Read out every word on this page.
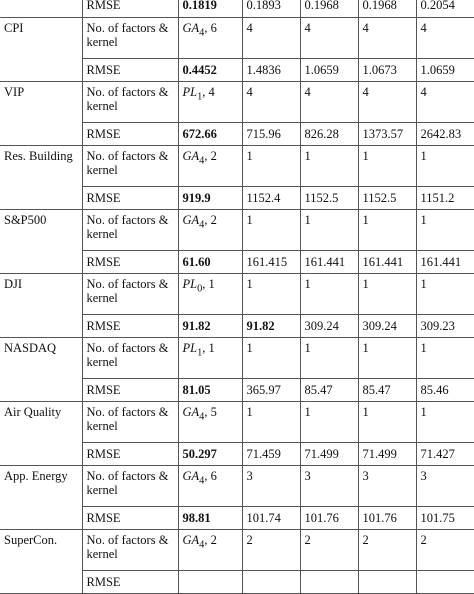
	RMSE	0.1819	0.1893	0.1968	0.1968	0.2054
CPI	No. of factors & kernel	$GA_4$, 6	4	4	4	4
	RMSE	0.4452	1.4836	1.0659	1.0673	1.0659
VIP	No. of factors & kernel	$PL_1$, 4	4	4	4	4
	RMSE	672.66	715.96	826.28	1373.57	2642.83
Res. Building	No. of factors & kernel	$GA_4$, 2	1	1	1	1
	RMSE	919.9	1152.4	1152.5	1152.5	1151.2
S&P500	No. of factors & kernel	$GA_4$, 2	1	1	1	1
	RMSE	61.60	161.415	161.441	161.441	161.441
DJI	No. of factors & kernel	$PL_0$, 1	1	1	1	1
	RMSE	91.82	91.82	309.24	309.24	309.23
NASDAQ	No. of factors & kernel	$PL_1$, 1	1	1	1	1
	RMSE	81.05	365.97	85.47	85.47	85.46
Air Quality	No. of factors & kernel	$GA_4$, 5	1	1	1	1
	RMSE	50.297	71.459	71.499	71.499	71.427
App. Energy	No. of factors & kernel	$GA_4$, 6	3	3	3	3
	RMSE	98.81	101.74	101.76	101.76	101.75
SuperCon.	No. of factors & kernel	$GA_4$, 2	2	2	2	2
	RMSE					
